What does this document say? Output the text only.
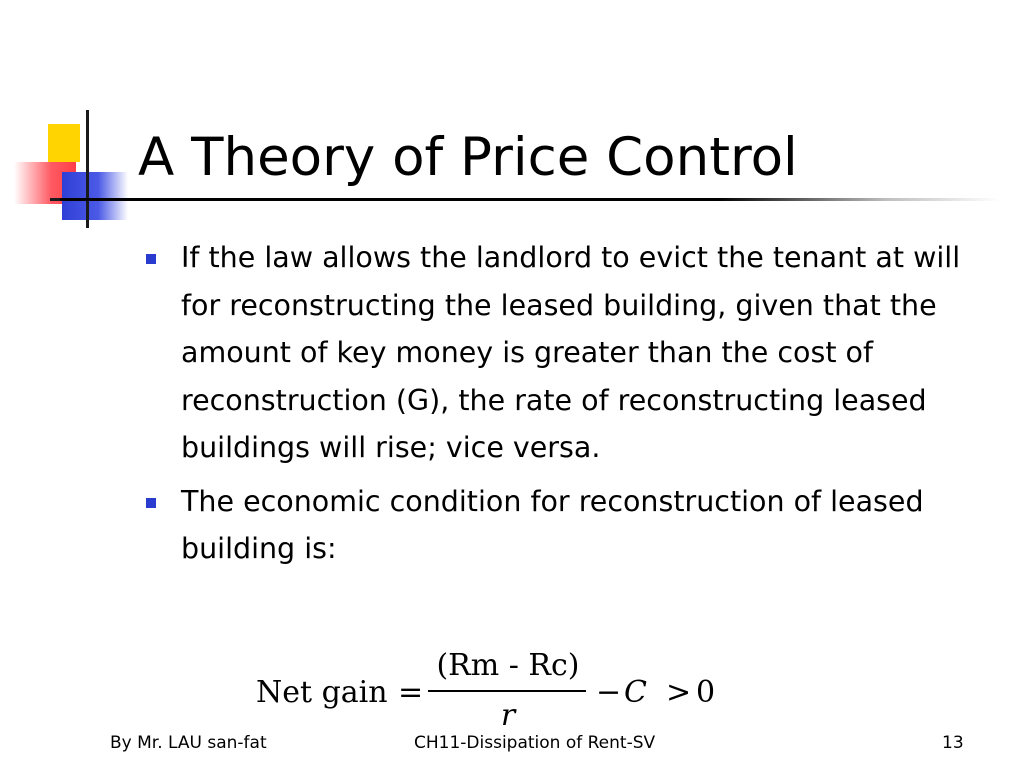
A Theory of Price Control
If the law allows the landlord to evict the tenant at will for reconstructing the leased building, given that the amount of key money is greater than the cost of reconstruction (G), the rate of reconstructing leased buildings will rise; vice versa.
The economic condition for reconstruction of leased building is:
Net gain =
(Rm - Rc)
r
− C > 0
By Mr. LAU san-fat	CH11-Dissipation of Rent-SV	13
